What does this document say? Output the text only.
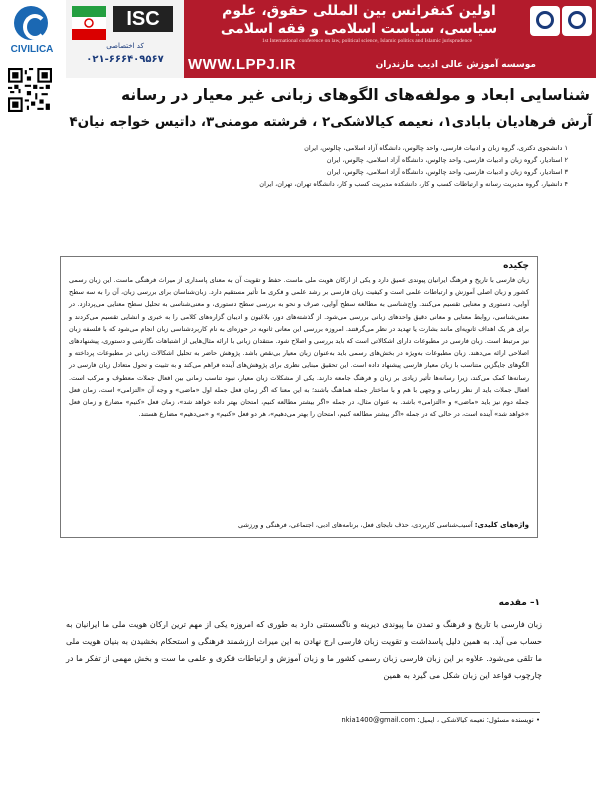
CIVILICA
ISC
کد اختصاصی
۰۲۱-۶۶۶۴۰۹۵۶۷
اولین کنفرانس بین المللی حقوق، علوم سیاسی، سیاست اسلامی و فقه اسلامی
1st International conference on law, political science, Islamic politics and Islamic jurisprudence
WWW.LPPJ.IR	موسسه آموزش عالی ادیب مازندران
شناسایی ابعاد و مولفه‌های الگوهای زبانی غیر معیار در رسانه
آرش فرهادیان بابادی۱، نعیمه کیالاشکی۲ ، فرشته مومنی۳، داتیس خواجه نیان۴
۱ دانشجوی دکتری، گروه زبان و ادبیات فارسی، واحد چالوس، دانشگاه آزاد اسلامی، چالوس، ایران
۲ استادیار، گروه زبان و ادبیات فارسی، واحد چالوس، دانشگاه آزاد اسلامی، چالوس، ایران
۳ استادیار، گروه زبان و ادبیات فارسی، واحد چالوس، دانشگاه آزاد اسلامی، چالوس، ایران
۴ دانشیار، گروه مدیریت رسانه و ارتباطات کسب و کار، دانشکده مدیریت کسب و کار، دانشگاه تهران، تهران، ایران
چکیده
زبان فارسی با تاریخ و فرهنگ ایرانیان پیوندی عمیق دارد و یکی از ارکان هویت ملی ماست. حفظ و تقویت آن به معنای پاسداری از میراث فرهنگی ماست. این زبان رسمی کشور و زبان اصلی آموزش و ارتباطات علمی است و کیفیت زبان فارسی بر رشد علمی و فکری ما تأثیر مستقیم دارد. زبان‌شناسان برای بررسی زبان، آن را به سه سطح آوایی، دستوری و معنایی تقسیم می‌کنند. واج‌شناسی به مطالعه سطح آوایی، صرف و نحو به بررسی سطح دستوری، و معنی‌شناسی به تحلیل سطح معنایی می‌پردازد. در معنی‌شناسی، روابط معنایی و معانی دقیق واحدهای زبانی بررسی می‌شود. از گذشته‌های دور، بلاغیون و ادیبان گزاره‌های کلامی را به خبری و انشایی تقسیم می‌کردند و برای هر یک اهداف ثانویه‌ای مانند بشارت یا تهدید در نظر می‌گرفتند. امروزه بررسی این معانی ثانویه در حوزه‌ای به نام کاربردشناسی زبان انجام می‌شود که با فلسفه زبان نیز مرتبط است. زبان فارسی در مطبوعات دارای اشکالاتی است که باید بررسی و اصلاح شود. منتقدان زبانی با ارائه مثال‌هایی از اشتباهات نگارشی و دستوری، پیشنهادهای اصلاحی ارائه می‌دهند. زبان مطبوعات به‌ویژه در بخش‌های رسمی باید به‌عنوان زبان معیار بی‌نقص باشد. پژوهش حاضر به تحلیل اشکالات زبانی در مطبوعات پرداخته و الگوهای جایگزین متناسب با زبان معیار فارسی پیشنهاد داده است. این تحقیق مبنایی نظری برای پژوهش‌های آینده فراهم می‌کند و به تثبیت و تحول متعادل زبان فارسی در رسانه‌ها کمک می‌کند، زیرا رسانه‌ها تأثیر زیادی بر زبان و فرهنگ جامعه دارند. یکی از مشکلات زبان معیار، نبود تناسب زمانی بین افعال جملات معطوف و مرکب است. افعال جملات باید از نظر زمانی و وجهی با هم و با ساختار جمله هماهنگ باشند؛ به این معنا که اگر زمان فعل جمله اول «ماضی» و وجه آن «التزامی» است، زمان فعل جمله دوم نیز باید «ماضی» و «التزامی» باشد. به عنوان مثال، در جمله «اگر بیشتر مطالعه کنیم، امتحان بهتر داده خواهد شد»، زمان فعل «کنیم» مضارع و زمان فعل «خواهد شد» آینده است، در حالی که در جمله «اگر بیشتر مطالعه کنیم، امتحان را بهتر می‌دهیم»، هر دو فعل «کنیم» و «می‌دهیم» مضارع هستند.
واژه‌های کلیدی: آسیب‌شناسی کاربردی، حذف نابجای فعل، برنامه‌های ادبی، اجتماعی، فرهنگی و ورزشی
۱– مقدمه
زبان فارسی با تاریخ و فرهنگ و تمدن ما پیوندی دیرینه و ناگسستنی دارد به طوری که امروزه یکی از مهم ترین ارکان هویت ملی ما ایرانیان به حساب می آید. به همین دلیل پاسداشت و تقویت زبان فارسی ارج نهادن به این میراث ارزشمند فرهنگی و استحکام بخشیدن به بنیان هویت ملی ما تلقی می‌شود. علاوه بر این زبان فارسی زبان رسمی کشور ما و زبان آموزش و ارتباطات فکری و علمی ما ست و بخش مهمی از تفکر ما در چارچوب قواعد این زبان شکل می گیرد به همین
• نویسنده مسئول: نعیمه کیالاشکی ، ایمیل: nkia1400@gmail.com
